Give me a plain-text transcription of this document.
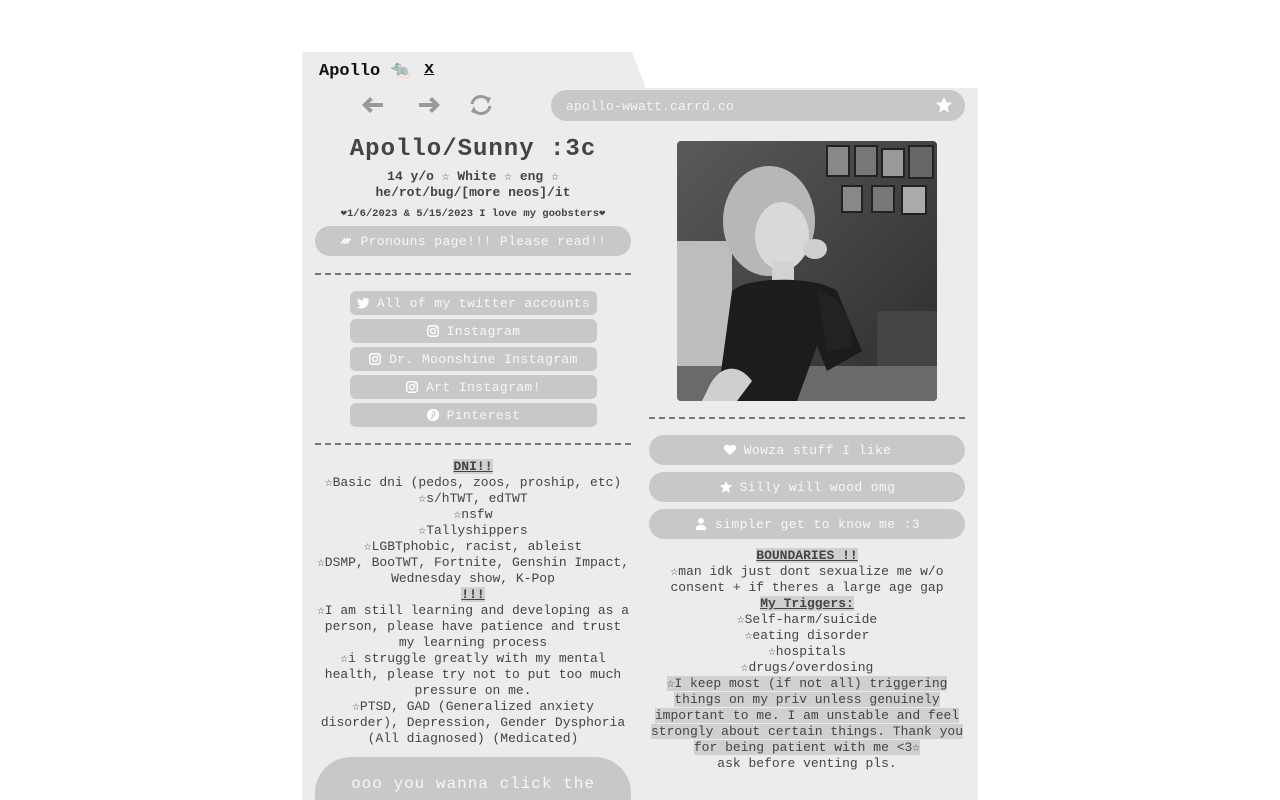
Apollo 🐀 x
apollo-wwatt.carrd.co
Apollo/Sunny :3c
14 y/o ☆ White ☆ eng ☆
he/rot/bug/[more neos]/it
❤1/6/2023 & 5/15/2023 I love my goobsters❤
Pronouns page!!! Please read!!
All of my twitter accounts
Instagram
Dr. Moonshine Instagram
Art Instagram!
Pinterest
DNI!!
☆Basic dni (pedos, zoos, proship, etc)
☆s/hTWT, edTWT
☆nsfw
☆Tallyshippers
☆LGBTphobic, racist, ableist
☆DSMP, BooTWT, Fortnite, Genshin Impact, Wednesday show, K-Pop
!!!
☆I am still learning and developing as a person, please have patience and trust my learning process
☆i struggle greatly with my mental health, please try not to put too much pressure on me.
☆PTSD, GAD (Generalized anxiety disorder), Depression, Gender Dysphoria (All diagnosed) (Medicated)
ooo you wanna click the
Wowza stuff I like
Silly will wood omg
simpler get to know me :3
BOUNDARIES !!
☆man idk just dont sexualize me w/o consent + if theres a large age gap
My Triggers:
☆Self-harm/suicide
☆eating disorder
☆hospitals
☆drugs/overdosing
☆I keep most (if not all) triggering things on my priv unless genuinely important to me. I am unstable and feel strongly about certain things. Thank you for being patient with me <3☆
ask before venting pls.
